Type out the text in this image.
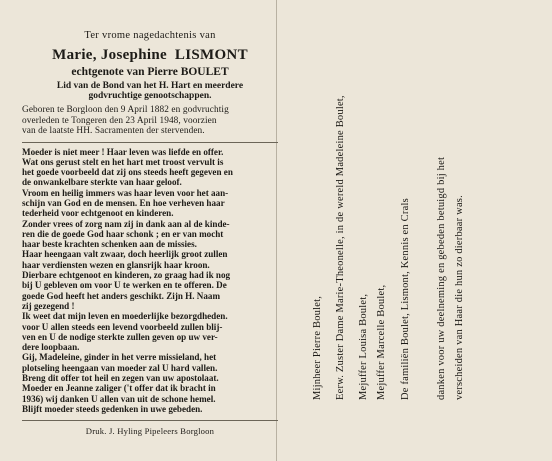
Ter vrome nagedachtenis van
Marie, Josephine LISMONT
echtgenote van Pierre BOULET
Lid van de Bond van het H. Hart en meerdere
godvruchtige genootschappen.
Geboren te Borgloon den 9 April 1882 en godvruchtig
overleden te Tongeren den 23 April 1948, voorzien
van de laatste HH. Sacramenten der stervenden.
Moeder is niet meer ! Haar leven was liefde en offer.
Wat ons gerust stelt en het hart met troost vervult is
het goede voorbeeld dat zij ons steeds heeft gegeven en
de onwankelbare sterkte van haar geloof.
Vroom en heilig immers was haar leven voor het aan-
schijn van God en de mensen. En hoe verheven haar
tederheid voor echtgenoot en kinderen.
Zonder vrees of zorg nam zij in dank aan al de kinde-
ren die de goede God haar schonk ; en er van mocht
haar beste krachten schenken aan de missies.
Haar heengaan valt zwaar, doch heerlijk groot zullen
haar verdiensten wezen en glansrijk haar kroon.
Dierbare echtgenoot en kinderen, zo graag had ik nog
bij U gebleven om voor U te werken en te offeren. De
goede God heeft het anders geschikt. Zijn H. Naam
zij gezegend !
Ik weet dat mijn leven en moederlijke bezorgdheden.
voor U allen steeds een levend voorbeeld zullen blij-
ven en U de nodige sterkte zullen geven op uw ver-
dere loopbaan.
Gij, Madeleine, ginder in het verre missieland, het
plotseling heengaan van moeder zal U hard vallen.
Breng dit offer tot heil en zegen van uw apostolaat.
Moeder en Jeanne zaliger ('t offer dat ik bracht in
1936) wij danken U allen van uit de schone hemel.
Blijft moeder steeds gedenken in uwe gebeden.
Druk. J. Hyling Pipeleers Borgloon
Mijnheer Pierre Boulet, Eerw. Zuster Dame Marie-Theonelle, in de wereld Madeleine Boulet, Mejuffer Louisa Boulet, Mejuffer Marcelle Boulet, De familiën Boulet, Lismont, Kennis en Crals danken voor uw deelneming en gebeden betuigd bij het verscheiden van Haar die hun zo dierbaar was.
